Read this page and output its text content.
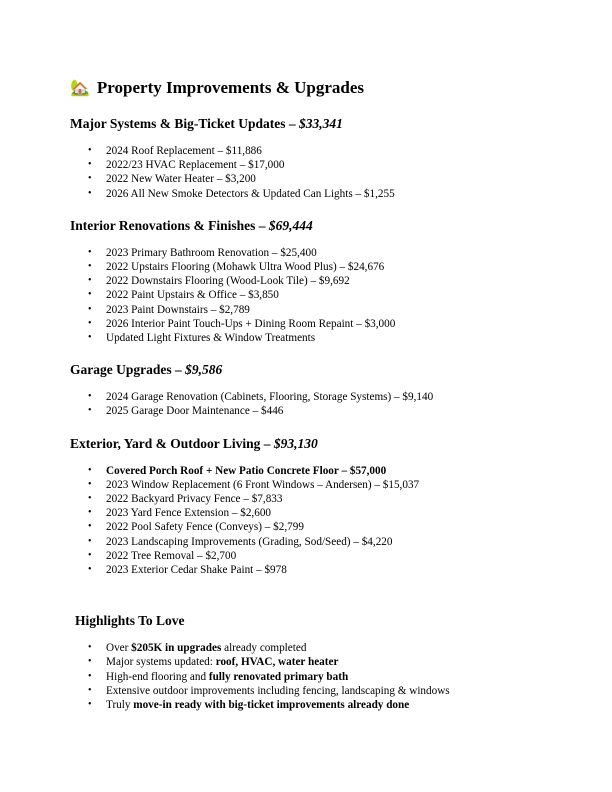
🏡 Property Improvements & Upgrades
Major Systems & Big-Ticket Updates – $33,341
• 2024 Roof Replacement – $11,886
• 2022/23 HVAC Replacement – $17,000
• 2022 New Water Heater – $3,200
• 2026 All New Smoke Detectors & Updated Can Lights – $1,255
Interior Renovations & Finishes – $69,444
• 2023 Primary Bathroom Renovation – $25,400
• 2022 Upstairs Flooring (Mohawk Ultra Wood Plus) – $24,676
• 2022 Downstairs Flooring (Wood-Look Tile) – $9,692
• 2022 Paint Upstairs & Office – $3,850
• 2023 Paint Downstairs – $2,789
• 2026 Interior Paint Touch-Ups + Dining Room Repaint – $3,000
• Updated Light Fixtures & Window Treatments
Garage Upgrades – $9,586
• 2024 Garage Renovation (Cabinets, Flooring, Storage Systems) – $9,140
• 2025 Garage Door Maintenance – $446
Exterior, Yard & Outdoor Living – $93,130
• Covered Porch Roof + New Patio Concrete Floor – $57,000
• 2023 Window Replacement (6 Front Windows – Andersen) – $15,037
• 2022 Backyard Privacy Fence – $7,833
• 2023 Yard Fence Extension – $2,600
• 2022 Pool Safety Fence (Conveys) – $2,799
• 2023 Landscaping Improvements (Grading, Sod/Seed) – $4,220
• 2022 Tree Removal – $2,700
• 2023 Exterior Cedar Shake Paint – $978
Highlights To Love
• Over $205K in upgrades already completed
• Major systems updated: roof, HVAC, water heater
• High-end flooring and fully renovated primary bath
• Extensive outdoor improvements including fencing, landscaping & windows
• Truly move-in ready with big-ticket improvements already done
